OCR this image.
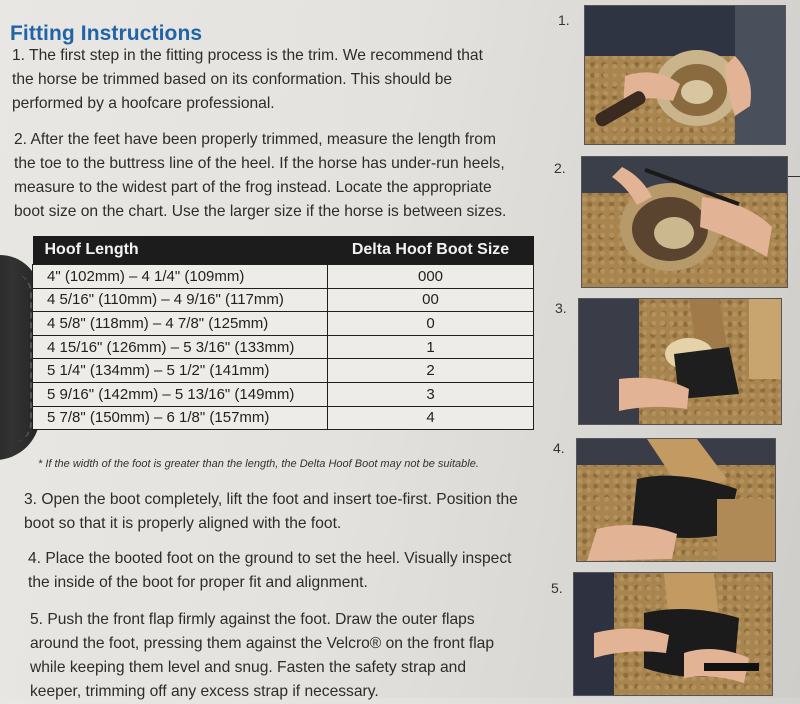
Fitting Instructions

1. The first step in the fitting process is the trim. We recommend that
the horse be trimmed based on its conformation. This should be
performed by a hoofcare professional.

2. After the feet have been properly trimmed, measure the length from
the toe to the buttress line of the heel. If the horse has under-run heels,
measure to the widest part of the frog instead. Locate the appropriate
boot size on the chart. Use the larger size if the horse is between sizes.

Hoof Length	Delta Hoof Boot Size
4" (102mm) – 4 1/4" (109mm)	000
4 5/16" (110mm) – 4 9/16" (117mm)	00
4 5/8" (118mm) – 4 7/8" (125mm)	0
4 15/16" (126mm) – 5 3/16" (133mm)	1
5 1/4" (134mm) – 5 1/2" (141mm)	2
5 9/16" (142mm) – 5 13/16" (149mm)	3
5 7/8" (150mm) – 6 1/8" (157mm)	4
* If the width of the foot is greater than the length, the Delta Hoof Boot may not be suitable.

3. Open the boot completely, lift the foot and insert toe-first. Position the
boot so that it is properly aligned with the foot.

4. Place the booted foot on the ground to set the heel. Visually inspect
the inside of the boot for proper fit and alignment.

5. Push the front flap firmly against the foot. Draw the outer flaps
around the foot, pressing them against the Velcro® on the front flap
while keeping them level and snug. Fasten the safety strap and
keeper, trimming off any excess strap if necessary.

1.
2.
3.
4.
5.
